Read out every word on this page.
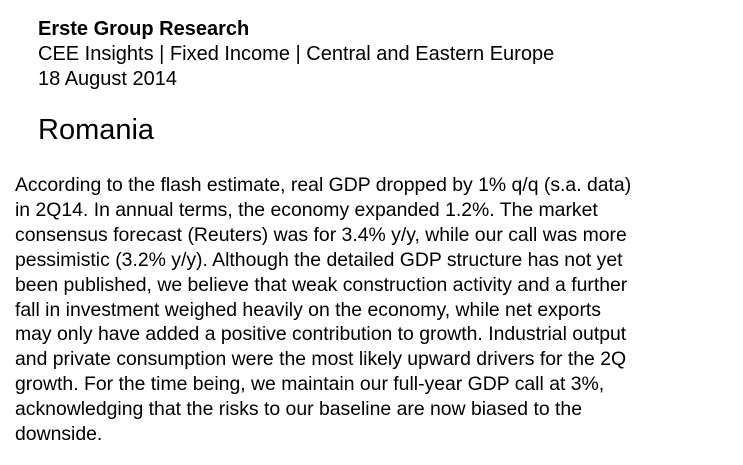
Erste Group Research

CEE Insights | Fixed Income | Central and Eastern Europe

18 August 2014

Romania
According to the flash estimate, real GDP dropped by 1% q/q (s.a. data)
in 2Q14. In annual terms, the economy expanded 1.2%. The market
consensus forecast (Reuters) was for 3.4% y/y, while our call was more
pessimistic (3.2% y/y). Although the detailed GDP structure has not yet
been published, we believe that weak construction activity and a further
fall in investment weighed heavily on the economy, while net exports
may only have added a positive contribution to growth. Industrial output
and private consumption were the most likely upward drivers for the 2Q
growth. For the time being, we maintain our full-year GDP call at 3%,
acknowledging that the risks to our baseline are now biased to the
downside.
